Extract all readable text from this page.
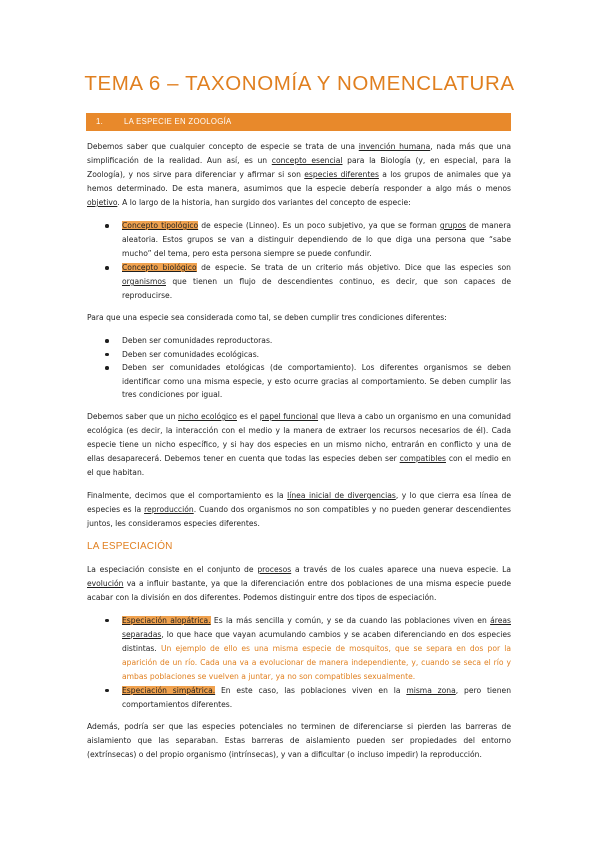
TEMA 6 – TAXONOMÍA Y NOMENCLATURA
1.	LA ESPECIE EN ZOOLOGÍA

Debemos saber que cualquier concepto de especie se trata de una invención humana, nada más que una simplificación de la realidad. Aun así, es un concepto esencial para la Biología (y, en especial, para la Zoología), y nos sirve para diferenciar y afirmar si son especies diferentes a los grupos de animales que ya hemos determinado. De esta manera, asumimos que la especie debería responder a algo más o menos objetivo. A lo largo de la historia, han surgido dos variantes del concepto de especie:

Concepto tipológico de especie (Linneo). Es un poco subjetivo, ya que se forman grupos de manera aleatoria. Estos grupos se van a distinguir dependiendo de lo que diga una persona que “sabe mucho” del tema, pero esta persona siempre se puede confundir.
Concepto biológico de especie. Se trata de un criterio más objetivo. Dice que las especies son organismos que tienen un flujo de descendientes continuo, es decir, que son capaces de reproducirse.

Para que una especie sea considerada como tal, se deben cumplir tres condiciones diferentes:

Deben ser comunidades reproductoras.
Deben ser comunidades ecológicas.
Deben ser comunidades etológicas (de comportamiento). Los diferentes organismos se deben identificar como una misma especie, y esto ocurre gracias al comportamiento. Se deben cumplir las tres condiciones por igual.

Debemos saber que un nicho ecológico es el papel funcional que lleva a cabo un organismo en una comunidad ecológica (es decir, la interacción con el medio y la manera de extraer los recursos necesarios de él). Cada especie tiene un nicho específico, y si hay dos especies en un mismo nicho, entrarán en conflicto y una de ellas desaparecerá. Debemos tener en cuenta que todas las especies deben ser compatibles con el medio en el que habitan.

Finalmente, decimos que el comportamiento es la línea inicial de divergencias, y lo que cierra esa línea de especies es la reproducción. Cuando dos organismos no son compatibles y no pueden generar descendientes juntos, les consideramos especies diferentes.

LA ESPECIACIÓN

La especiación consiste en el conjunto de procesos a través de los cuales aparece una nueva especie. La evolución va a influir bastante, ya que la diferenciación entre dos poblaciones de una misma especie puede acabar con la división en dos diferentes. Podemos distinguir entre dos tipos de especiación.

Especiación alopátrica. Es la más sencilla y común, y se da cuando las poblaciones viven en áreas separadas, lo que hace que vayan acumulando cambios y se acaben diferenciando en dos especies distintas. Un ejemplo de ello es una misma especie de mosquitos, que se separa en dos por la aparición de un río. Cada una va a evolucionar de manera independiente, y, cuando se seca el río y ambas poblaciones se vuelven a juntar, ya no son compatibles sexualmente.
Especiación simpátrica. En este caso, las poblaciones viven en la misma zona, pero tienen comportamientos diferentes.

Además, podría ser que las especies potenciales no terminen de diferenciarse si pierden las barreras de aislamiento que las separaban. Estas barreras de aislamiento pueden ser propiedades del entorno (extrínsecas) o del propio organismo (intrínsecas), y van a dificultar (o incluso impedir) la reproducción.
